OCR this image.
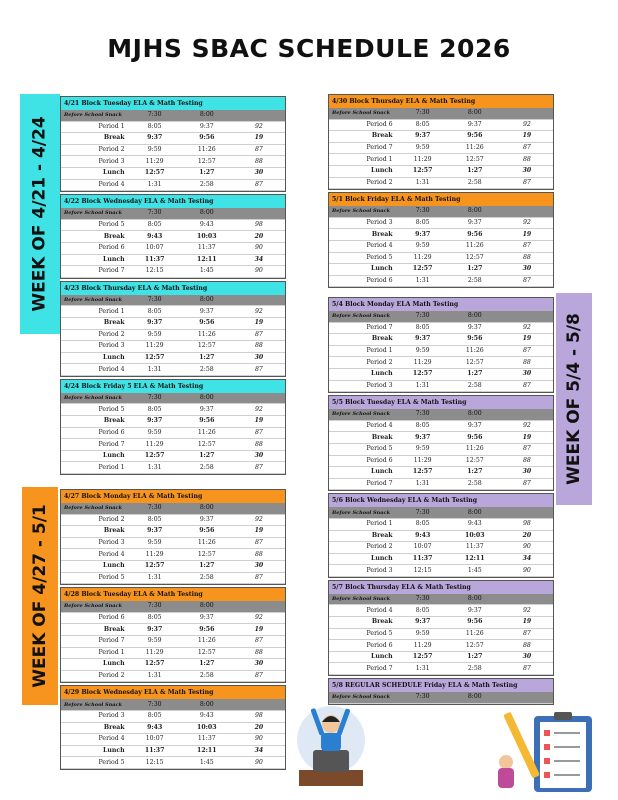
MJHS SBAC SCHEDULE 2026
WEEK OF 4/21 - 4/24
WEEK OF 4/27 - 5/1
WEEK OF 5/4 - 5/8
4/21 Block Tuesday ELA & Math Testing
Before School Snack	7:30	8:00	
Period 1	8:05	9:37	92
Break	9:37	9:56	19
Period 2	9:59	11:26	87
Period 3	11:29	12:57	88
Lunch	12:57	1:27	30
Period 4	1:31	2:58	87
4/22 Block Wednesday ELA & Math Testing
Before School Snack	7:30	8:00	
Period 5	8:05	9:43	98
Break	9:43	10:03	20
Period 6	10:07	11:37	90
Lunch	11:37	12:11	34
Period 7	12:15	1:45	90
4/23 Block Thursday ELA & Math Testing
Before School Snack	7:30	8:00	
Period 1	8:05	9:37	92
Break	9:37	9:56	19
Period 2	9:59	11:26	87
Period 3	11:29	12:57	88
Lunch	12:57	1:27	30
Period 4	1:31	2:58	87
4/24 Block Friday 5 ELA & Math Testing
Before School Snack	7:30	8:00	
Period 5	8:05	9:37	92
Break	9:37	9:56	19
Period 6	9:59	11:26	87
Period 7	11:29	12:57	88
Lunch	12:57	1:27	30
Period 1	1:31	2:58	87
4/27 Block Monday ELA & Math Testing
Before School Snack	7:30	8:00	
Period 2	8:05	9:37	92
Break	9:37	9:56	19
Period 3	9:59	11:26	87
Period 4	11:29	12:57	88
Lunch	12:57	1:27	30
Period 5	1:31	2:58	87
4/28 Block Tuesday ELA & Math Testing
Before School Snack	7:30	8:00	
Period 6	8:05	9:37	92
Break	9:37	9:56	19
Period 7	9:59	11:26	87
Period 1	11:29	12:57	88
Lunch	12:57	1:27	30
Period 2	1:31	2:58	87
4/29 Block Wednesday ELA & Math Testing
Before School Snack	7:30	8:00	
Period 3	8:05	9:43	98
Break	9:43	10:03	20
Period 4	10:07	11:37	90
Lunch	11:37	12:11	34
Period 5	12:15	1:45	90
4/30 Block Thursday ELA & Math Testing
Before School Snack	7:30	8:00	
Period 6	8:05	9:37	92
Break	9:37	9:56	19
Period 7	9:59	11:26	87
Period 1	11:29	12:57	88
Lunch	12:57	1:27	30
Period 2	1:31	2:58	87
5/1 Block Friday ELA & Math Testing
Before School Snack	7:30	8:00	
Period 3	8:05	9:37	92
Break	9:37	9:56	19
Period 4	9:59	11:26	87
Period 5	11:29	12:57	88
Lunch	12:57	1:27	30
Period 6	1:31	2:58	87
5/4 Block Monday ELA Math Testing
Before School Snack	7:30	8:00	
Period 7	8:05	9:37	92
Break	9:37	9:56	19
Period 1	9:59	11:26	87
Period 2	11:29	12:57	88
Lunch	12:57	1:27	30
Period 3	1:31	2:58	87
5/5 Block Tuesday ELA & Math Testing
Before School Snack	7:30	8:00	
Period 4	8:05	9:37	92
Break	9:37	9:56	19
Period 5	9:59	11:26	87
Period 6	11:29	12:57	88
Lunch	12:57	1:27	30
Period 7	1:31	2:58	87
5/6 Block Wednesday ELA & Math Testing
Before School Snack	7:30	8:00	
Period 1	8:05	9:43	98
Break	9:43	10:03	20
Period 2	10:07	11:37	90
Lunch	11:37	12:11	34
Period 3	12:15	1:45	90
5/7 Block Thursday ELA & Math Testing
Before School Snack	7:30	8:00	
Period 4	8:05	9:37	92
Break	9:37	9:56	19
Period 5	9:59	11:26	87
Period 6	11:29	12:57	88
Lunch	12:57	1:27	30
Period 7	1:31	2:58	87
5/8 REGULAR SCHEDULE Friday ELA & Math Testing
Before School Snack	7:30	8:00	
